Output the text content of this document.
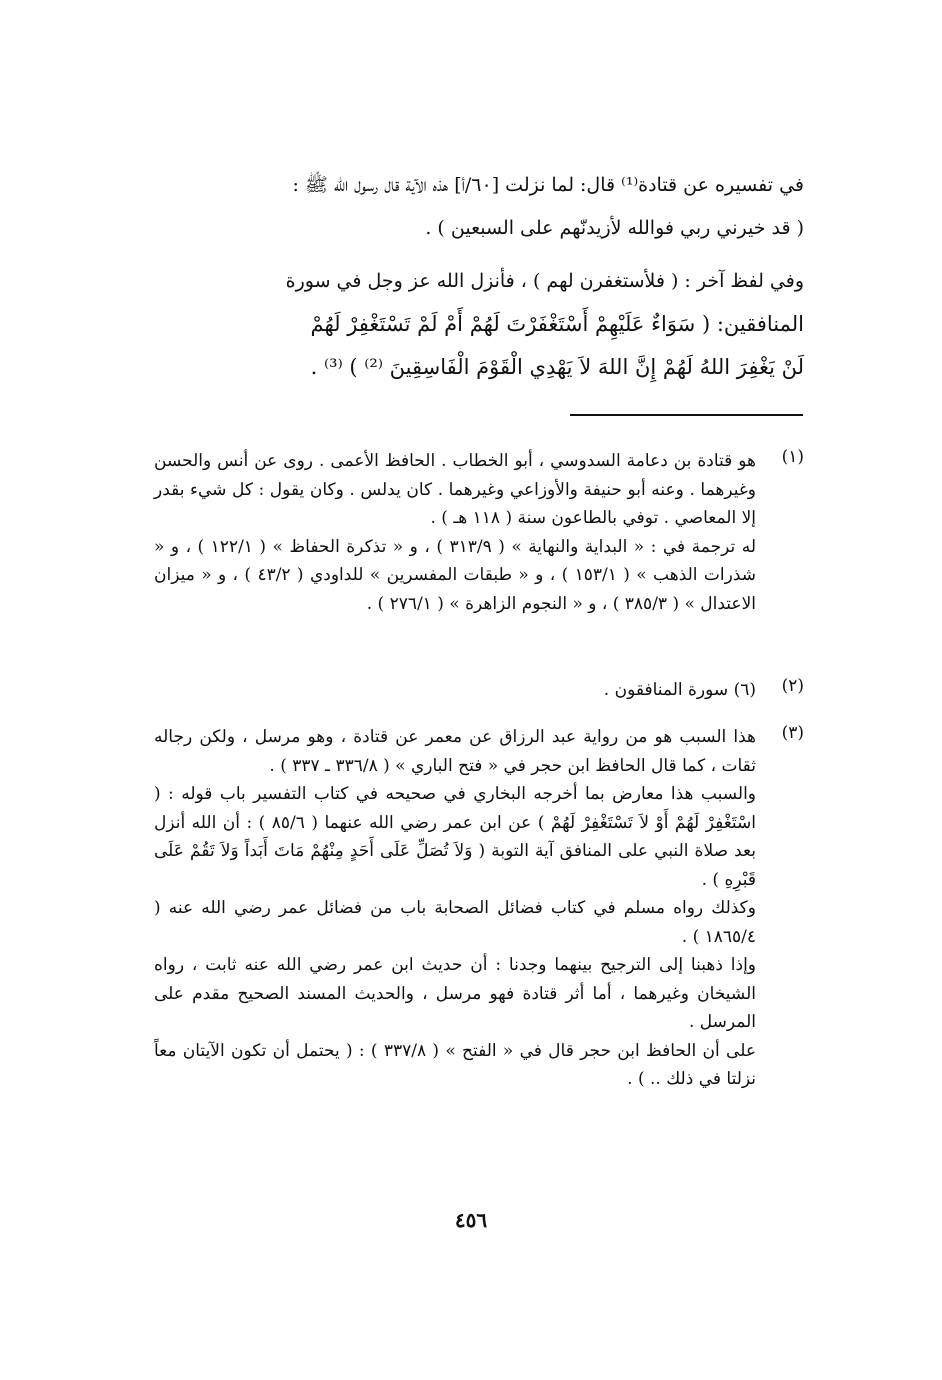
في تفسيره عن قتادة⁽¹⁾ قال: لما نزلت [٦٠/أ] هذه الآية قال رسول الله ﷺ :
( قد خيرني ربي فوالله لأزيدنّهم على السبعين ) .
وفي لفظ آخر : ( فلأستغفرن لهم ) ، فأنزل الله عز وجل في سورة
المنافقين: ( سَوَاءٌ عَلَيْهِمْ أَسْتَغْفَرْتَ لَهُمْ أَمْ لَمْ تَسْتَغْفِرْ لَهُمْ
لَنْ يَغْفِرَ اللهُ لَهُمْ إِنَّ اللهَ لاَ يَهْدِي الْقَوْمَ الْفَاسِقِينَ ⁽²⁾ ) ⁽³⁾ .
(١)

هو قتادة بن دعامة السدوسي ، أبو الخطاب . الحافظ الأعمى . روى عن أنس والحسن وغيرهما . وعنه أبو حنيفة والأوزاعي وغيرهما . كان يدلس . وكان يقول : كل شيء بقدر إلا المعاصي . توفي بالطاعون سنة ( ١١٨ هـ ) .

له ترجمة في : « البداية والنهاية » ( ٣١٣/٩ ) ، و « تذكرة الحفاظ » ( ١٢٢/١ ) ، و « شذرات الذهب » ( ١٥٣/١ ) ، و « طبقات المفسرين » للداودي ( ٤٣/٢ ) ، و « ميزان الاعتدال » ( ٣٨٥/٣ ) ، و « النجوم الزاهرة » ( ٢٧٦/١ ) .

(٢)

(٦) سورة المنافقون .

(٣)

هذا السبب هو من رواية عبد الرزاق عن معمر عن قتادة ، وهو مرسل ، ولكن رجاله ثقات ، كما قال الحافظ ابن حجر في « فتح الباري » ( ٣٣٦/٨ ـ ٣٣٧ ) .

والسبب هذا معارض بما أخرجه البخاري في صحيحه في كتاب التفسير باب قوله : ( اسْتَغْفِرْ لَهُمْ أَوْ لاَ تَسْتَغْفِرْ لَهُمْ ) عن ابن عمر رضي الله عنهما ( ٨٥/٦ ) : أن الله أنزل بعد صلاة النبي على المنافق آية التوبة ( وَلاَ تُصَلِّ عَلَى أَحَدٍ مِنْهُمْ مَاتَ أَبَداً وَلاَ تَقُمْ عَلَى قَبْرِهِ ) .

وكذلك رواه مسلم في كتاب فضائل الصحابة باب من فضائل عمر رضي الله عنه ( ١٨٦٥/٤ ) .

وإذا ذهبنا إلى الترجيح بينهما وجدنا : أن حديث ابن عمر رضي الله عنه ثابت ، رواه الشيخان وغيرهما ، أما أثر قتادة فهو مرسل ، والحديث المسند الصحيح مقدم على المرسل .

على أن الحافظ ابن حجر قال في « الفتح » ( ٣٣٧/٨ ) : ( يحتمل أن تكون الآيتان معاً نزلتا في ذلك .. ) .

٤٥٦
